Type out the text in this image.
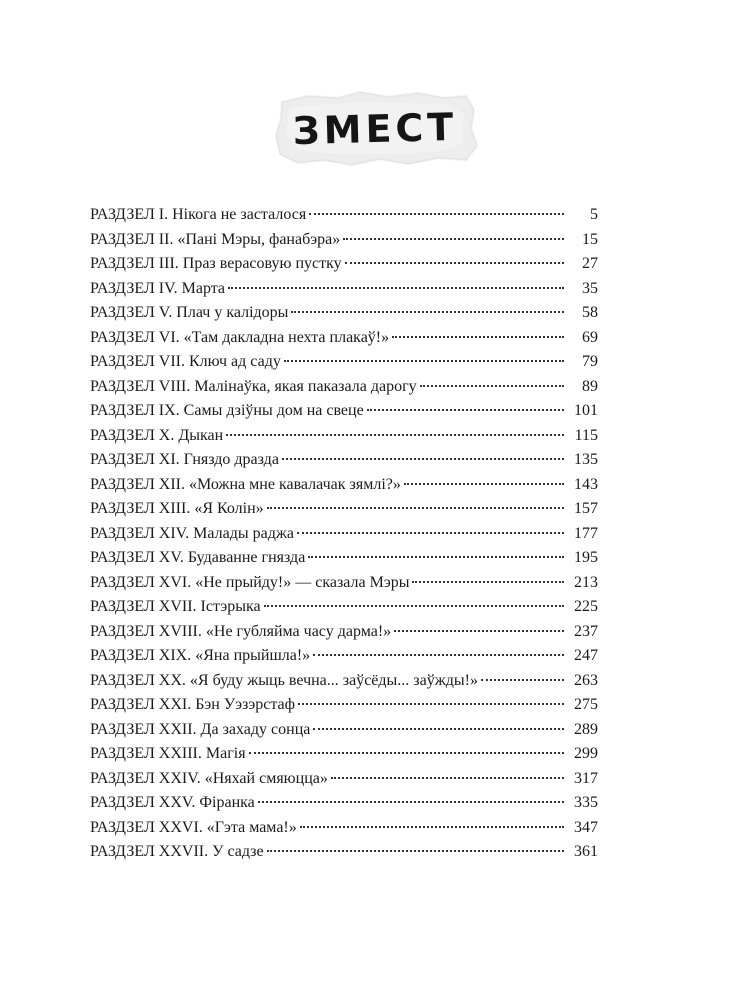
ЗМЕСТ
РАЗДЗЕЛ I. Нікога не засталося	5
РАЗДЗЕЛ II. «Пані Мэры, фанабэра»	15
РАЗДЗЕЛ III. Праз верасовую пустку	27
РАЗДЗЕЛ IV. Марта	35
РАЗДЗЕЛ V. Плач у калідоры	58
РАЗДЗЕЛ VI. «Там дакладна нехта плакаў!»	69
РАЗДЗЕЛ VII. Ключ ад саду	79
РАЗДЗЕЛ VIII. Малінаўка, якая паказала дарогу	89
РАЗДЗЕЛ IX. Самы дзіўны дом на свеце	101
РАЗДЗЕЛ X. Дыкан	115
РАЗДЗЕЛ XI. Гняздо дразда	135
РАЗДЗЕЛ XII. «Можна мне кавалачак зямлі?»	143
РАЗДЗЕЛ XIII. «Я Колін»	157
РАЗДЗЕЛ XIV. Малады раджа	177
РАЗДЗЕЛ XV. Будаванне гнязда	195
РАЗДЗЕЛ XVI. «Не прыйду!» — сказала Мэры	213
РАЗДЗЕЛ XVII. Істэрыка	225
РАЗДЗЕЛ XVIII. «Не губляйма часу дарма!»	237
РАЗДЗЕЛ XIX. «Яна прыйшла!»	247
РАЗДЗЕЛ XX. «Я буду жыць вечна... заўсёды... заўжды!»	263
РАЗДЗЕЛ XXI. Бэн Уэзэрстаф	275
РАЗДЗЕЛ XXII. Да захаду сонца	289
РАЗДЗЕЛ XXIII. Магія	299
РАЗДЗЕЛ XXIV. «Няхай смяюцца»	317
РАЗДЗЕЛ XXV. Фіранка	335
РАЗДЗЕЛ XXVI. «Гэта мама!»	347
РАЗДЗЕЛ XXVII. У садзе	361
